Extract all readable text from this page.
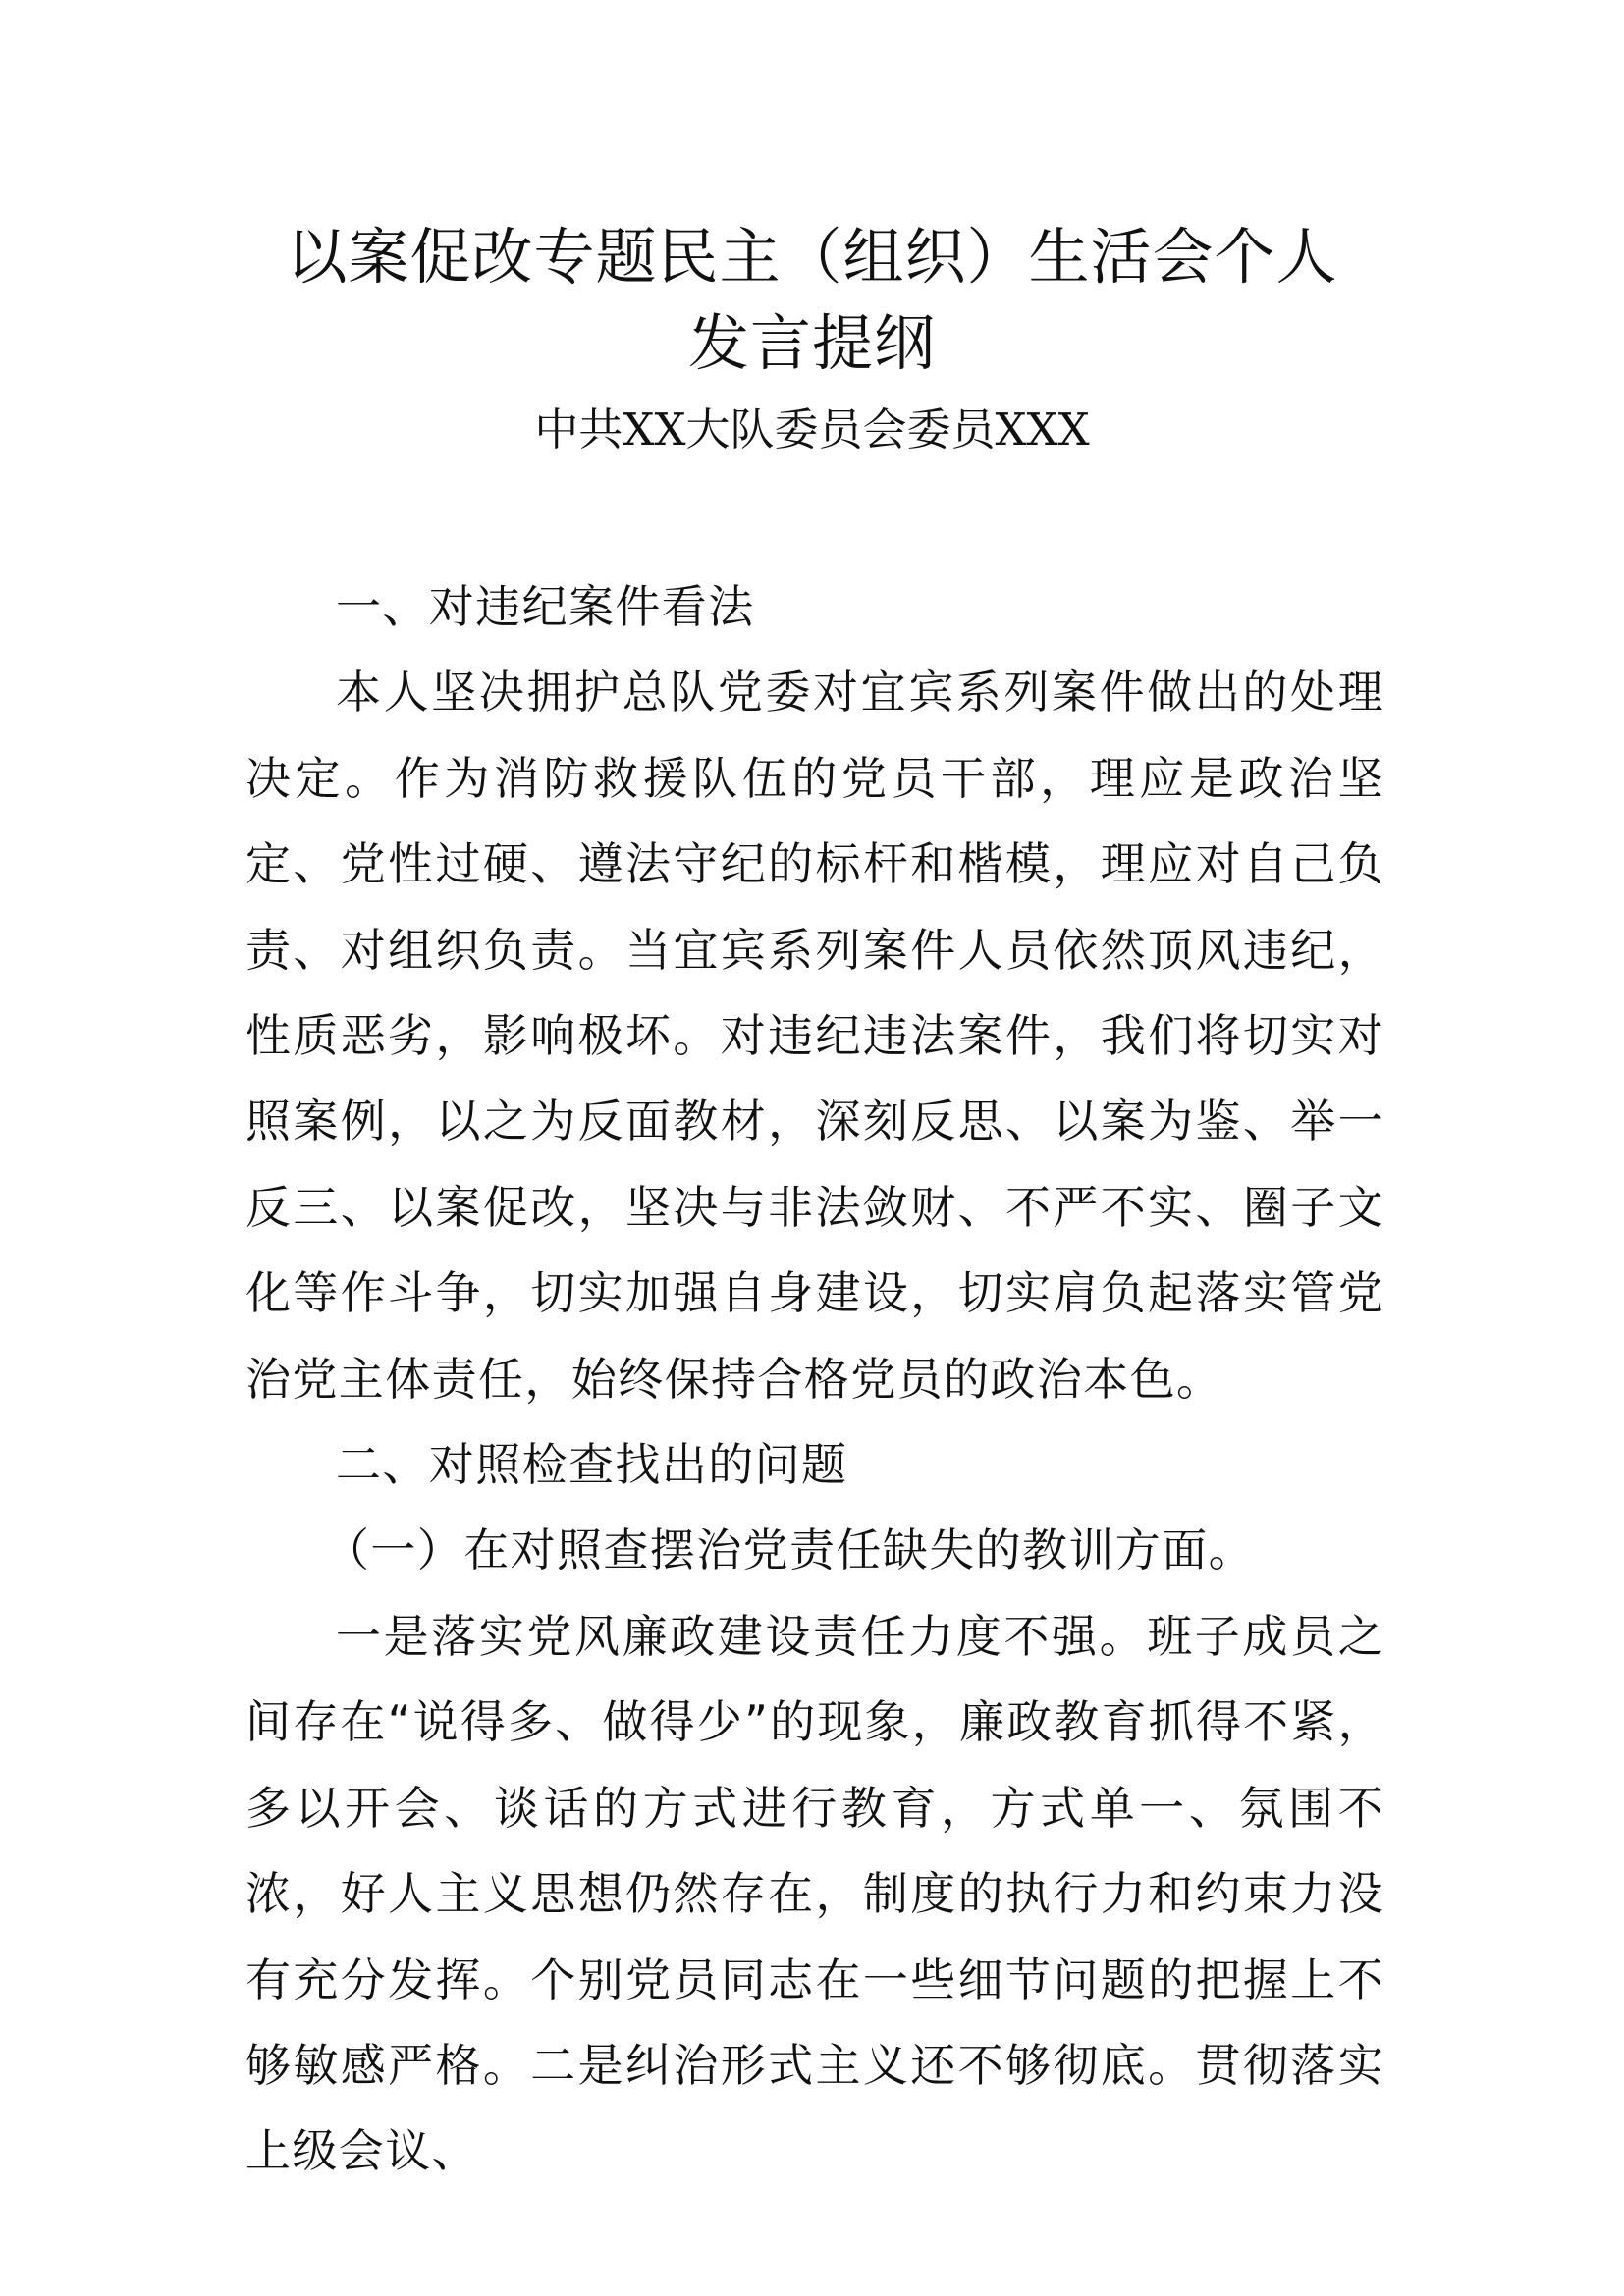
以案促改专题民主（组织）生活会个人
发言提纲

中共XX大队委员会委员XXX

一、对违纪案件看法

本人坚决拥护总队党委对宜宾系列案件做出的处理决定。作为消防救援队伍的党员干部，理应是政治坚定、党性过硬、遵法守纪的标杆和楷模，理应对自己负责、对组织负责。当宜宾系列案件人员依然顶风违纪，性质恶劣，影响极坏。对违纪违法案件，我们将切实对照案例，以之为反面教材，深刻反思、以案为鉴、举一反三、以案促改，坚决与非法敛财、不严不实、圈子文化等作斗争，切实加强自身建设，切实肩负起落实管党治党主体责任，始终保持合格党员的政治本色。

二、对照检查找出的问题

（一）在对照查摆治党责任缺失的教训方面。

一是落实党风廉政建设责任力度不强。班子成员之间存在“说得多、做得少”的现象，廉政教育抓得不紧，多以开会、谈话的方式进行教育，方式单一、氛围不浓，好人主义思想仍然存在，制度的执行力和约束力没有充分发挥。个别党员同志在一些细节问题的把握上不够敏感严格。二是纠治形式主义还不够彻底。贯彻落实上级会议、
